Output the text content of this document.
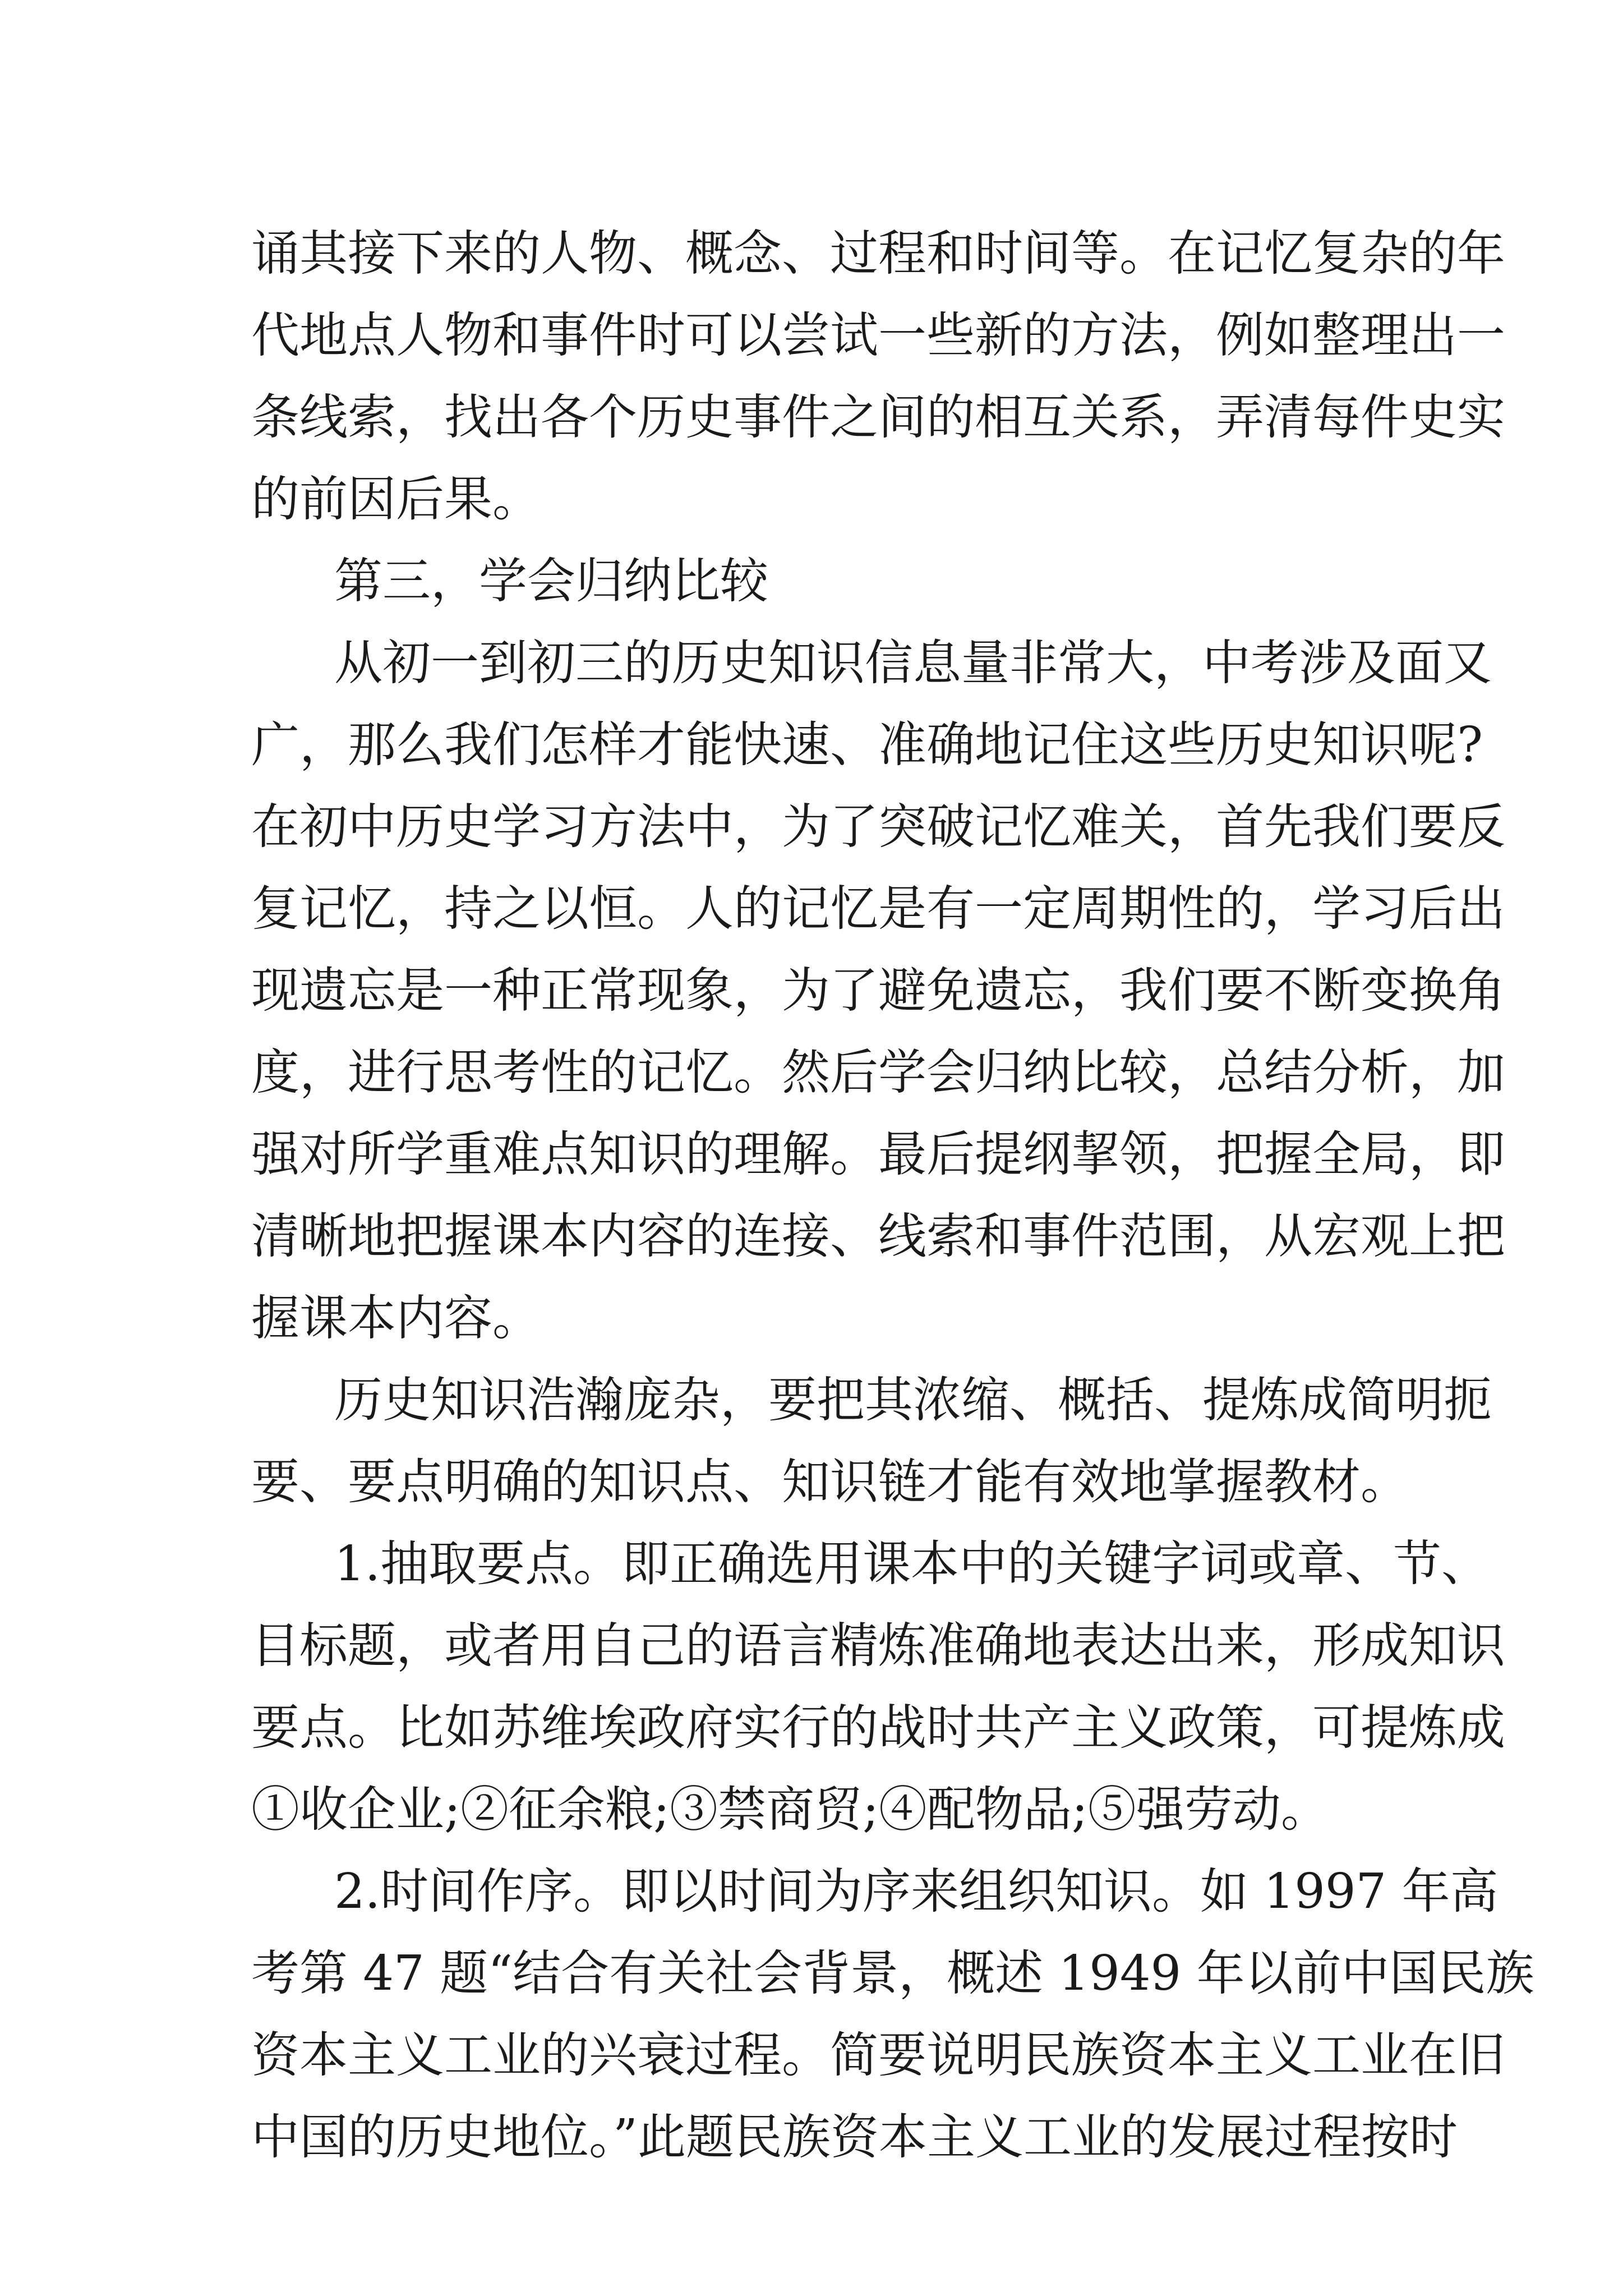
诵其接下来的人物、概念、过程和时间等。在记忆复杂的年
代地点人物和事件时可以尝试一些新的方法，例如整理出一
条线索，找出各个历史事件之间的相互关系，弄清每件史实
的前因后果。
第三，学会归纳比较
从初一到初三的历史知识信息量非常大，中考涉及面又
广，那么我们怎样才能快速、准确地记住这些历史知识呢?
在初中历史学习方法中，为了突破记忆难关，首先我们要反
复记忆，持之以恒。人的记忆是有一定周期性的，学习后出
现遗忘是一种正常现象，为了避免遗忘，我们要不断变换角
度，进行思考性的记忆。然后学会归纳比较，总结分析，加
强对所学重难点知识的理解。最后提纲挈领，把握全局，即
清晰地把握课本内容的连接、线索和事件范围，从宏观上把
握课本内容。
历史知识浩瀚庞杂，要把其浓缩、概括、提炼成简明扼
要、要点明确的知识点、知识链才能有效地掌握教材。
1.抽取要点。即正确选用课本中的关键字词或章、节、
目标题，或者用自己的语言精炼准确地表达出来，形成知识
要点。比如苏维埃政府实行的战时共产主义政策，可提炼成
①收企业;②征余粮;③禁商贸;④配物品;⑤强劳动。
2.时间作序。即以时间为序来组织知识。如 1997 年高
考第 47 题“结合有关社会背景，概述 1949 年以前中国民族
资本主义工业的兴衰过程。简要说明民族资本主义工业在旧
中国的历史地位。”此题民族资本主义工业的发展过程按时
